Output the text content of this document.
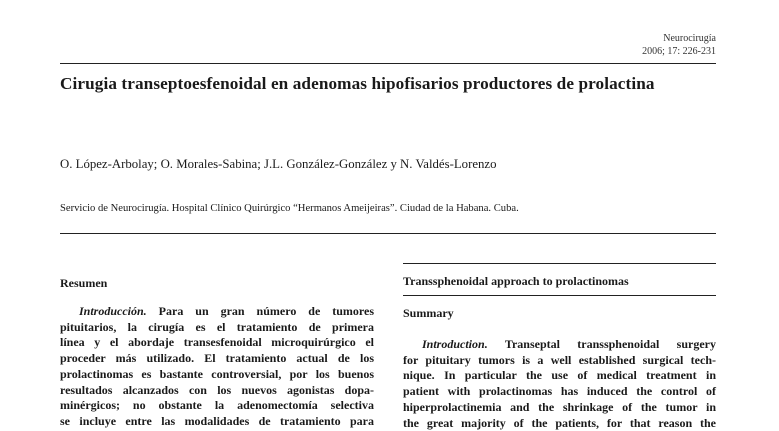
Neurocirugía
2006; 17: 226-231
Cirugia transeptoesfenoidal en adenomas hipofisarios productores de prolactina
O. López-Arbolay; O. Morales-Sabina; J.L. González-González y N. Valdés-Lorenzo
Servicio de Neurocirugía. Hospital Clínico Quirúrgico “Hermanos Ameijeiras”. Ciudad de la Habana. Cuba.
Resumen
Introducción. Para un gran número de tumores
pituitarios, la cirugía es el tratamiento de primera
línea y el abordaje transesfenoidal microquirúrgico el
proceder más utilizado. El tratamiento actual de los
prolactinomas es bastante controversial, por los buenos
resultados alcanzados con los nuevos agonistas dopa-
minérgicos; no obstante la adenomectomía selectiva
se incluye entre las modalidades de tratamiento para
Transsphenoidal approach to prolactinomas
Summary
Introduction. Transeptal transsphenoidal surgery
for pituitary tumors is a well established surgical tech-
nique. In particular the use of medical treatment in
patient with prolactinomas has induced the control of
hiperprolactinemia and the shrinkage of the tumor in
the great majority of the patients, for that reason the
